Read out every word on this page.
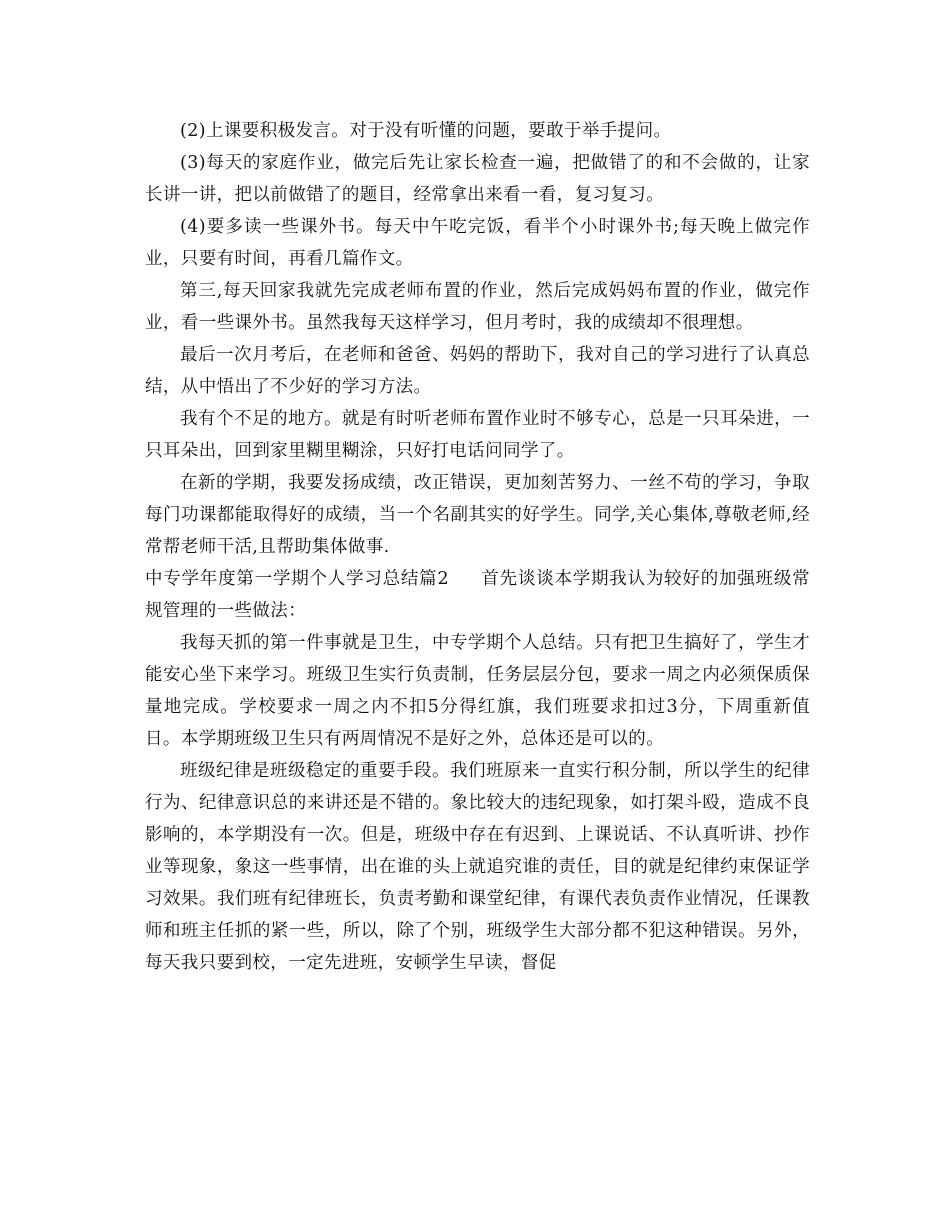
(2)上课要积极发言。对于没有听懂的问题，要敢于举手提问。

(3)每天的家庭作业，做完后先让家长检查一遍，把做错了的和不会做的，让家长讲一讲，把以前做错了的题目，经常拿出来看一看，复习复习。

(4)要多读一些课外书。每天中午吃完饭，看半个小时课外书;每天晚上做完作业，只要有时间，再看几篇作文。

第三,每天回家我就先完成老师布置的作业，然后完成妈妈布置的作业，做完作业，看一些课外书。虽然我每天这样学习，但月考时，我的成绩却不很理想。

最后一次月考后，在老师和爸爸、妈妈的帮助下，我对自己的学习进行了认真总结，从中悟出了不少好的学习方法。

我有个不足的地方。就是有时听老师布置作业时不够专心，总是一只耳朵进，一只耳朵出，回到家里糊里糊涂，只好打电话问同学了。

在新的学期，我要发扬成绩，改正错误，更加刻苦努力、一丝不苟的学习，争取每门功课都能取得好的成绩，当一个名副其实的好学生。同学,关心集体,尊敬老师,经常帮老师干活,且帮助集体做事.

中专学年度第一学期个人学习总结篇2 首先谈谈本学期我认为较好的加强班级常规管理的一些做法：

我每天抓的第一件事就是卫生，中专学期个人总结。只有把卫生搞好了，学生才能安心坐下来学习。班级卫生实行负责制，任务层层分包，要求一周之内必须保质保量地完成。学校要求一周之内不扣5分得红旗，我们班要求扣过3分，下周重新值日。本学期班级卫生只有两周情况不是好之外，总体还是可以的。

班级纪律是班级稳定的重要手段。我们班原来一直实行积分制，所以学生的纪律行为、纪律意识总的来讲还是不错的。象比较大的违纪现象，如打架斗殴，造成不良影响的，本学期没有一次。但是，班级中存在有迟到、上课说话、不认真听讲、抄作业等现象，象这一些事情，出在谁的头上就追究谁的责任，目的就是纪律约束保证学习效果。我们班有纪律班长，负责考勤和课堂纪律，有课代表负责作业情况，任课教师和班主任抓的紧一些，所以，除了个别，班级学生大部分都不犯这种错误。另外，每天我只要到校，一定先进班，安顿学生早读，督促
